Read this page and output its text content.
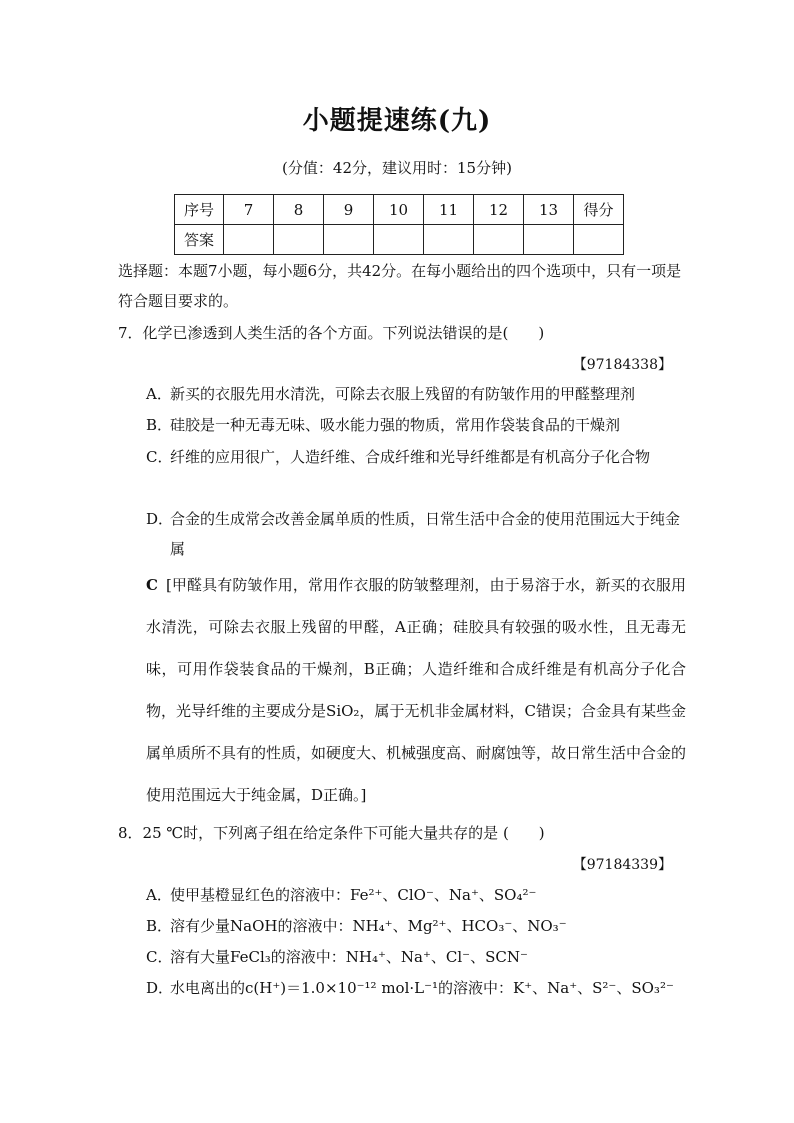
小题提速练(九)
(分值：42分，建议用时：15分钟)
序号	7	8	9	10	11	12	13	得分
答案								
选择题：本题7小题，每小题6分，共42分。在每小题给出的四个选项中，只有一项是符合题目要求的。
7．化学已渗透到人类生活的各个方面。下列说法错误的是(　　)
【97184338】
A．新买的衣服先用水清洗，可除去衣服上残留的有防皱作用的甲醛整理剂
B．硅胶是一种无毒无味、吸水能力强的物质，常用作袋装食品的干燥剂
C．纤维的应用很广，人造纤维、合成纤维和光导纤维都是有机高分子化合物
D．合金的生成常会改善金属单质的性质，日常生活中合金的使用范围远大于纯金属
C [甲醛具有防皱作用，常用作衣服的防皱整理剂，由于易溶于水，新买的衣服用水清洗，可除去衣服上残留的甲醛，A正确；硅胶具有较强的吸水性，且无毒无味，可用作袋装食品的干燥剂，B正确；人造纤维和合成纤维是有机高分子化合物，光导纤维的主要成分是SiO₂，属于无机非金属材料，C错误；合金具有某些金属单质所不具有的性质，如硬度大、机械强度高、耐腐蚀等，故日常生活中合金的使用范围远大于纯金属，D正确。]
8．25 ℃时，下列离子组在给定条件下可能大量共存的是 (　　)
【97184339】
A．使甲基橙显红色的溶液中：Fe²⁺、ClO⁻、Na⁺、SO₄²⁻
B．溶有少量NaOH的溶液中：NH₄⁺、Mg²⁺、HCO₃⁻、NO₃⁻
C．溶有大量FeCl₃的溶液中：NH₄⁺、Na⁺、Cl⁻、SCN⁻
D．水电离出的c(H⁺)＝1.0×10⁻¹² mol·L⁻¹的溶液中：K⁺、Na⁺、S²⁻、SO₃²⁻
